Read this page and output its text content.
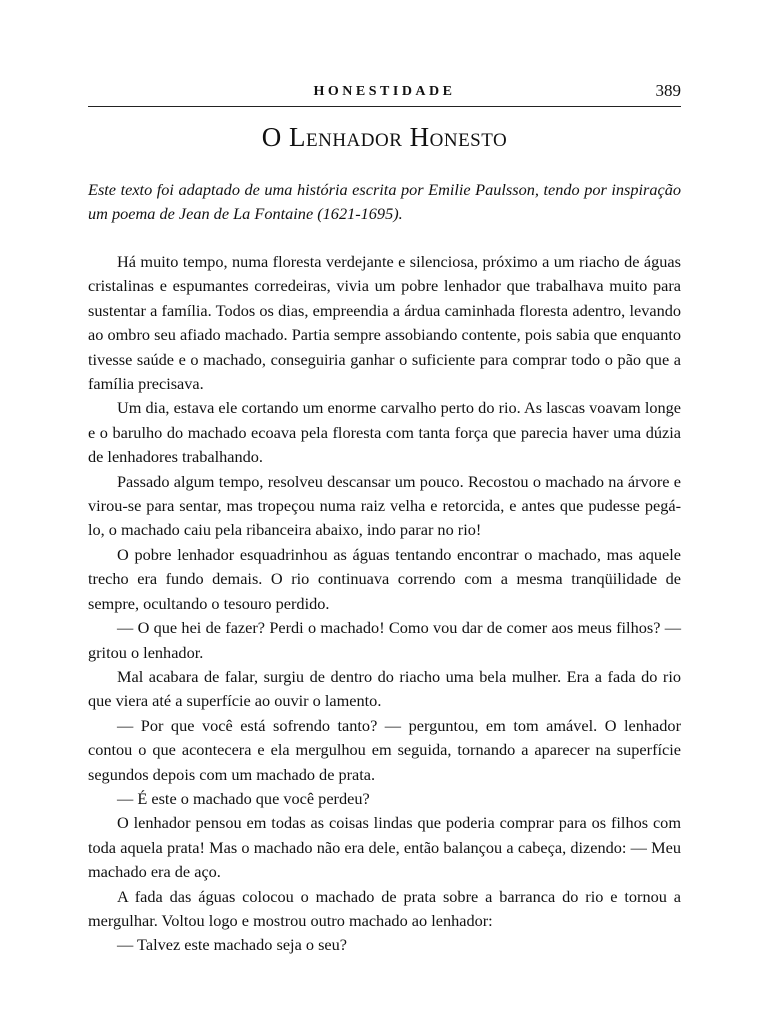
HONESTIDADE	389
O Lenhador Honesto
Este texto foi adaptado de uma história escrita por Emilie Paulsson, tendo por inspiração um poema de Jean de La Fontaine (1621-1695).

Há muito tempo, numa floresta verdejante e silenciosa, próximo a um riacho de águas cristalinas e espumantes corredeiras, vivia um pobre lenhador que trabalhava muito para sustentar a família. Todos os dias, empreendia a árdua caminhada floresta adentro, levando ao ombro seu afiado machado. Partia sempre assobiando contente, pois sabia que enquanto tivesse saúde e o machado, conseguiria ganhar o suficiente para comprar todo o pão que a família precisava.

Um dia, estava ele cortando um enorme carvalho perto do rio. As lascas voavam longe e o barulho do machado ecoava pela floresta com tanta força que parecia haver uma dúzia de lenhadores trabalhando.

Passado algum tempo, resolveu descansar um pouco. Recostou o machado na árvore e virou-se para sentar, mas tropeçou numa raiz velha e retorcida, e antes que pudesse pegá-lo, o machado caiu pela ribanceira abaixo, indo parar no rio!

O pobre lenhador esquadrinhou as águas tentando encontrar o machado, mas aquele trecho era fundo demais. O rio continuava correndo com a mesma tranqüilidade de sempre, ocultando o tesouro perdido.

— O que hei de fazer? Perdi o machado! Como vou dar de comer aos meus filhos? — gritou o lenhador.

Mal acabara de falar, surgiu de dentro do riacho uma bela mulher. Era a fada do rio que viera até a superfície ao ouvir o lamento.

— Por que você está sofrendo tanto? — perguntou, em tom amável. O lenhador contou o que acontecera e ela mergulhou em seguida, tornando a aparecer na superfície segundos depois com um machado de prata.

— É este o machado que você perdeu?

O lenhador pensou em todas as coisas lindas que poderia comprar para os filhos com toda aquela prata! Mas o machado não era dele, então balançou a cabeça, dizendo: — Meu machado era de aço.

A fada das águas colocou o machado de prata sobre a barranca do rio e tornou a mergulhar. Voltou logo e mostrou outro machado ao lenhador:

— Talvez este machado seja o seu?
